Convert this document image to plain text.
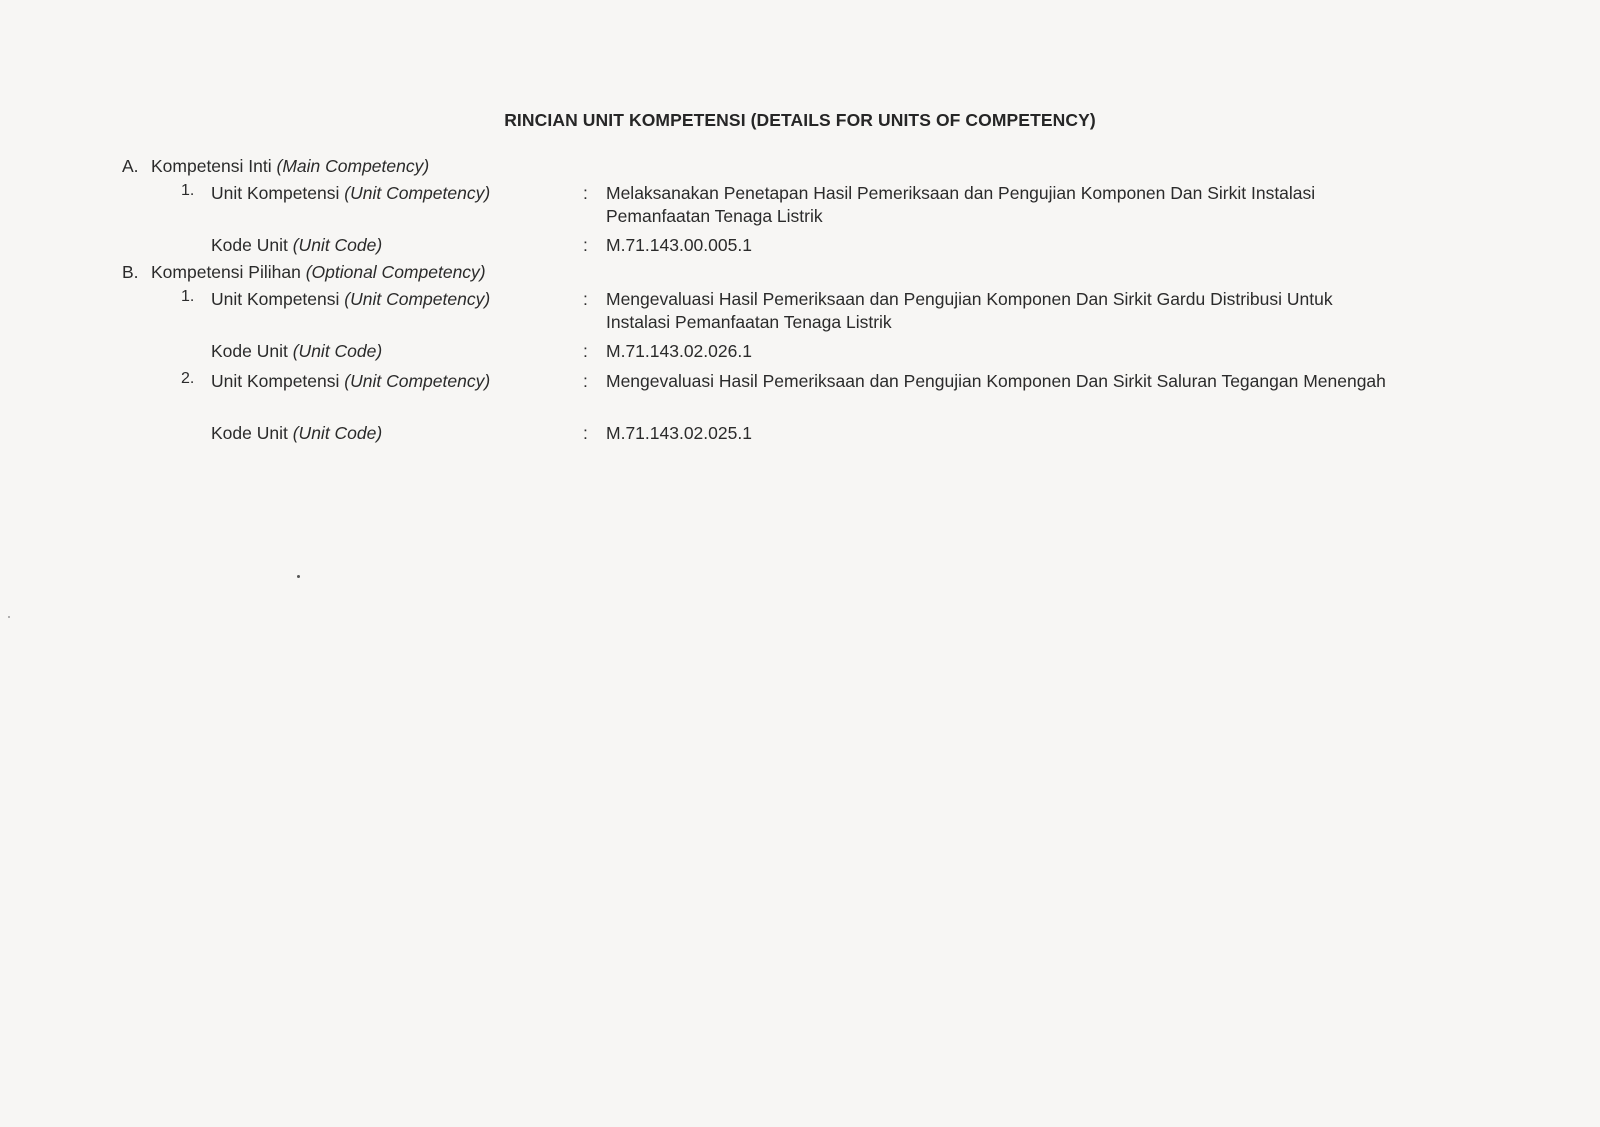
RINCIAN UNIT KOMPETENSI (DETAILS FOR UNITS OF COMPETENCY)
A. Kompetensi Inti (Main Competency)
1. Unit Kompetensi (Unit Competency)	: Melaksanakan Penetapan Hasil Pemeriksaan dan Pengujian Komponen Dan Sirkit Instalasi Pemanfaatan Tenaga Listrik
Kode Unit (Unit Code)	: M.71.143.00.005.1
B. Kompetensi Pilihan (Optional Competency)
1. Unit Kompetensi (Unit Competency)	: Mengevaluasi Hasil Pemeriksaan dan Pengujian Komponen Dan Sirkit Gardu Distribusi Untuk Instalasi Pemanfaatan Tenaga Listrik
Kode Unit (Unit Code)	: M.71.143.02.026.1
2. Unit Kompetensi (Unit Competency)	: Mengevaluasi Hasil Pemeriksaan dan Pengujian Komponen Dan Sirkit Saluran Tegangan Menengah
Kode Unit (Unit Code)	: M.71.143.02.025.1
